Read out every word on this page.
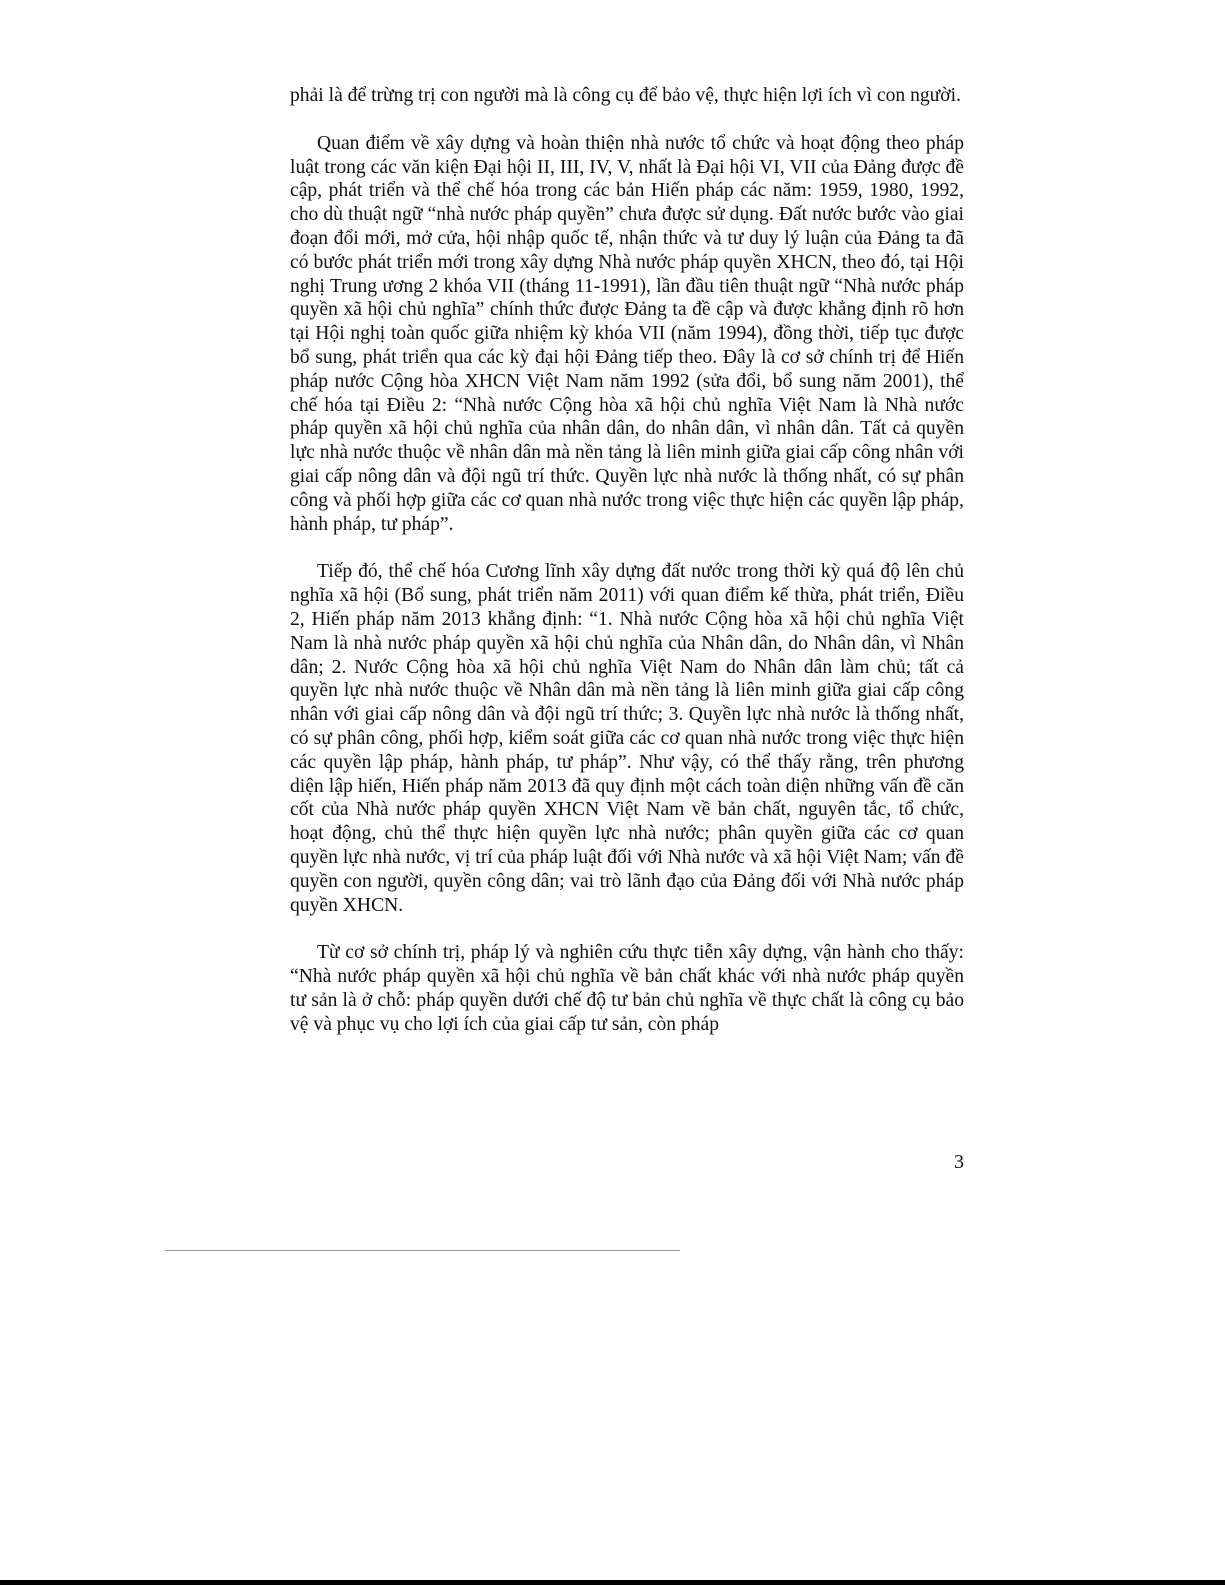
phải là để trừng trị con người mà là công cụ để bảo vệ, thực hiện lợi ích vì con người.

Quan điểm về xây dựng và hoàn thiện nhà nước tổ chức và hoạt động theo pháp luật trong các văn kiện Đại hội II, III, IV, V, nhất là Đại hội VI, VII của Đảng được đề cập, phát triển và thể chế hóa trong các bản Hiến pháp các năm: 1959, 1980, 1992, cho dù thuật ngữ “nhà nước pháp quyền” chưa được sử dụng. Đất nước bước vào giai đoạn đổi mới, mở cửa, hội nhập quốc tế, nhận thức và tư duy lý luận của Đảng ta đã có bước phát triển mới trong xây dựng Nhà nước pháp quyền XHCN, theo đó, tại Hội nghị Trung ương 2 khóa VII (tháng 11-1991), lần đầu tiên thuật ngữ “Nhà nước pháp quyền xã hội chủ nghĩa” chính thức được Đảng ta đề cập và được khẳng định rõ hơn tại Hội nghị toàn quốc giữa nhiệm kỳ khóa VII (năm 1994), đồng thời, tiếp tục được bổ sung, phát triển qua các kỳ đại hội Đảng tiếp theo. Đây là cơ sở chính trị để Hiến pháp nước Cộng hòa XHCN Việt Nam năm 1992 (sửa đổi, bổ sung năm 2001), thể chế hóa tại Điều 2: “Nhà nước Cộng hòa xã hội chủ nghĩa Việt Nam là Nhà nước pháp quyền xã hội chủ nghĩa của nhân dân, do nhân dân, vì nhân dân. Tất cả quyền lực nhà nước thuộc về nhân dân mà nền tảng là liên minh giữa giai cấp công nhân với giai cấp nông dân và đội ngũ trí thức. Quyền lực nhà nước là thống nhất, có sự phân công và phối hợp giữa các cơ quan nhà nước trong việc thực hiện các quyền lập pháp, hành pháp, tư pháp”.

Tiếp đó, thể chế hóa Cương lĩnh xây dựng đất nước trong thời kỳ quá độ lên chủ nghĩa xã hội (Bổ sung, phát triển năm 2011) với quan điểm kế thừa, phát triển, Điều 2, Hiến pháp năm 2013 khẳng định: “1. Nhà nước Cộng hòa xã hội chủ nghĩa Việt Nam là nhà nước pháp quyền xã hội chủ nghĩa của Nhân dân, do Nhân dân, vì Nhân dân; 2. Nước Cộng hòa xã hội chủ nghĩa Việt Nam do Nhân dân làm chủ; tất cả quyền lực nhà nước thuộc về Nhân dân mà nền tảng là liên minh giữa giai cấp công nhân với giai cấp nông dân và đội ngũ trí thức; 3. Quyền lực nhà nước là thống nhất, có sự phân công, phối hợp, kiểm soát giữa các cơ quan nhà nước trong việc thực hiện các quyền lập pháp, hành pháp, tư pháp”. Như vậy, có thể thấy rằng, trên phương diện lập hiến, Hiến pháp năm 2013 đã quy định một cách toàn diện những vấn đề căn cốt của Nhà nước pháp quyền XHCN Việt Nam về bản chất, nguyên tắc, tổ chức, hoạt động, chủ thể thực hiện quyền lực nhà nước; phân quyền giữa các cơ quan quyền lực nhà nước, vị trí của pháp luật đối với Nhà nước và xã hội Việt Nam; vấn đề quyền con người, quyền công dân; vai trò lãnh đạo của Đảng đối với Nhà nước pháp quyền XHCN.

Từ cơ sở chính trị, pháp lý và nghiên cứu thực tiễn xây dựng, vận hành cho thấy: “Nhà nước pháp quyền xã hội chủ nghĩa về bản chất khác với nhà nước pháp quyền tư sản là ở chỗ: pháp quyền dưới chế độ tư bản chủ nghĩa về thực chất là công cụ bảo vệ và phục vụ cho lợi ích của giai cấp tư sản, còn pháp

3
